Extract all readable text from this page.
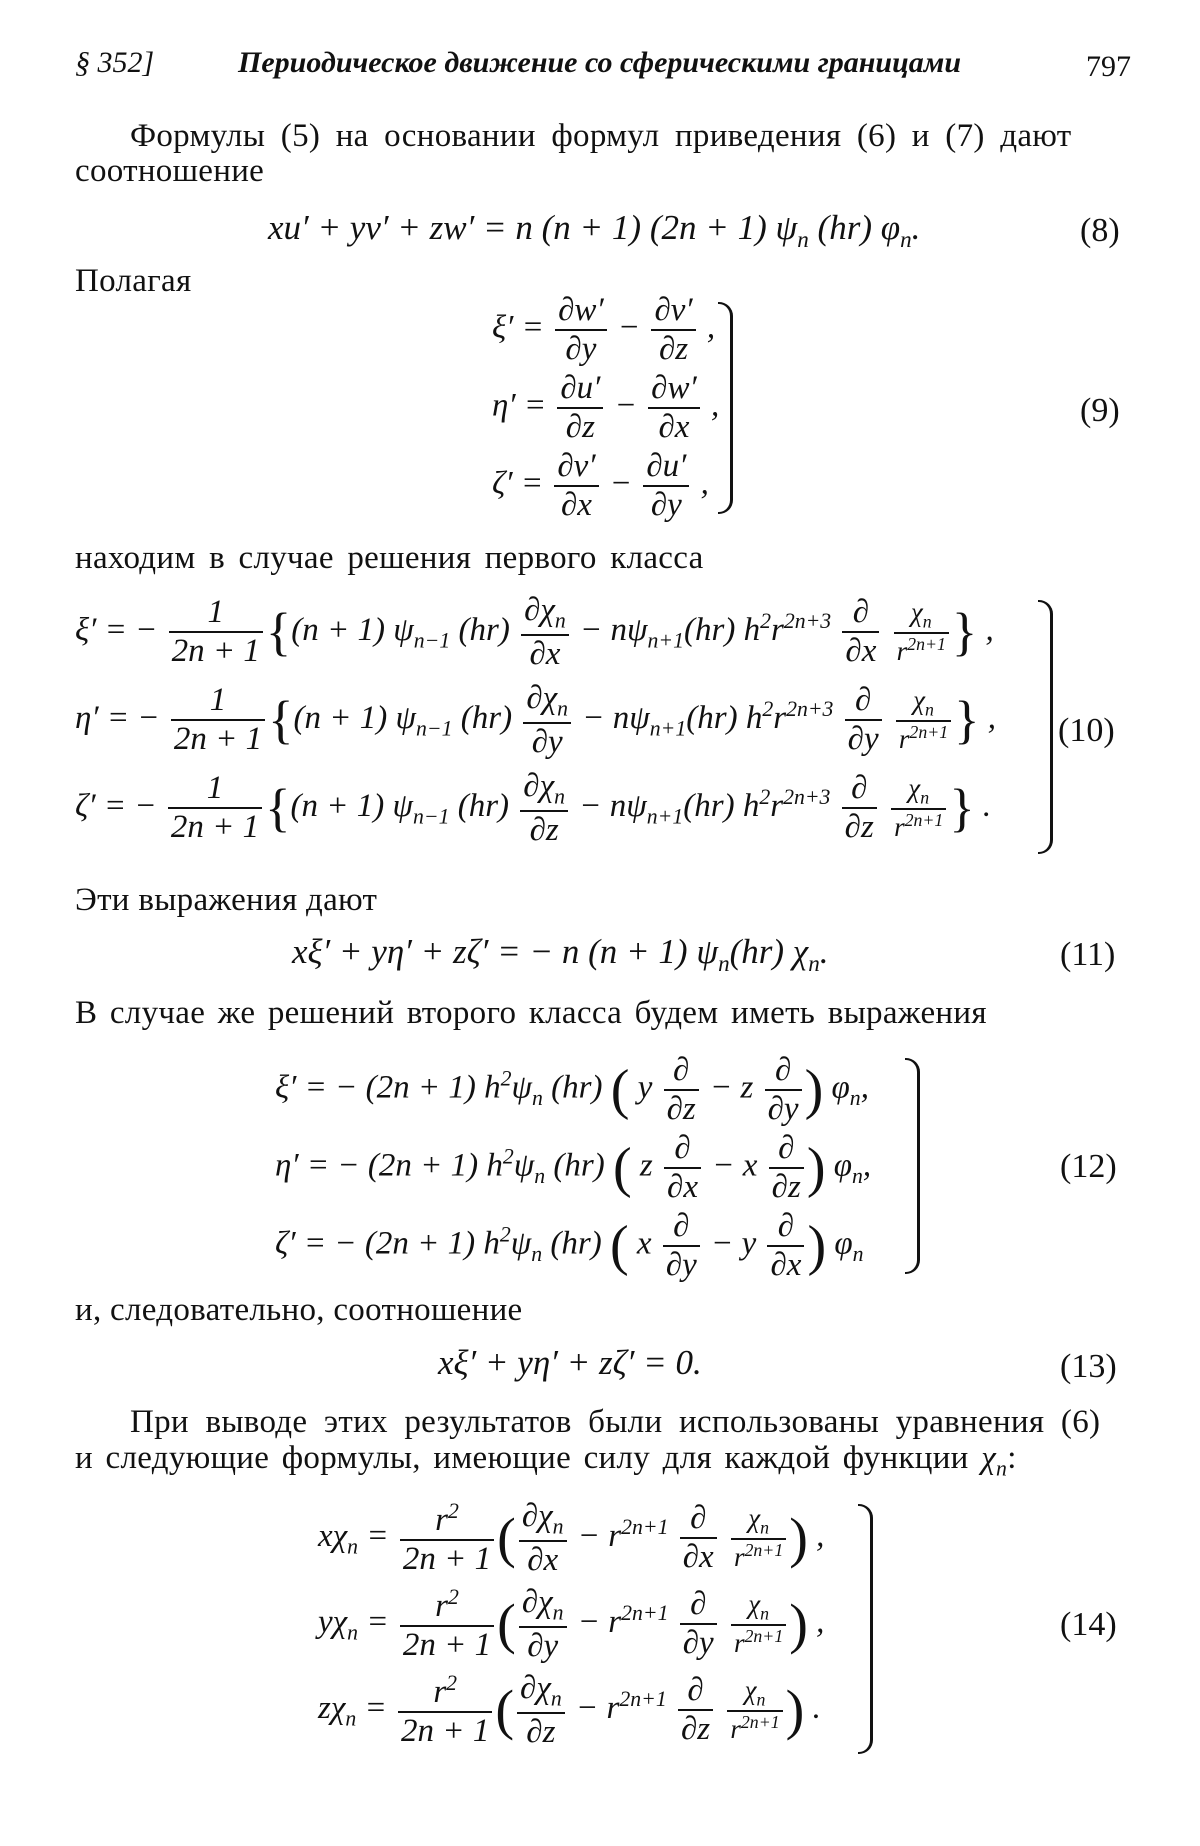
§ 352]	Периодическое движение со сферическими границами	797
Формулы (5) на основании формул приведения (6) и (7) дают
соотношение
xu′ + yv′ + zw′ = n (n + 1) (2n + 1) $\psi_n$ (hr) $\varphi_n$.	(8)
Полагая
$\xi' = \frac{\partial w'}{\partial y} - \frac{\partial v'}{\partial z}$ ,
$\eta' = \frac{\partial u'}{\partial z} - \frac{\partial w'}{\partial x}$ ,
$\zeta' = \frac{\partial v'}{\partial x} - \frac{\partial u'}{\partial y}$ ,
(9)
находим в случае решения первого класса
ξ′ = − $\frac{1}{2n + 1} \{(n + 1)$ $\psi_{n-1}$ $(hr) \frac{\partial\chi_n}{\partial x} - n\psi_{n+1}(hr)$ $h^2r^{2n+3} \frac{\partial}{\partial x}$
$\frac{\chi_n}{r^{2n+1}}$ } ,
η′ = − $\frac{1}{2n + 1} \{(n + 1)$ $\psi_{n-1}$ $(hr) \frac{\partial\chi_n}{\partial y} - n\psi_{n+1}(hr)$ $h^2r^{2n+3} \frac{\partial}{\partial y}$
$\frac{\chi_n}{r^{2n+1}}$ } ,
ζ′ = − $\frac{1}{2n + 1} \{(n + 1)$ $\psi_{n-1}$ $(hr) \frac{\partial\chi_n}{\partial z} - n\psi_{n+1}(hr)$ $h^2r^{2n+3} \frac{\partial}{\partial z}$
$\frac{\chi_n}{r^{2n+1}}$ } .
(10)
Эти выражения дают
xξ′ + yη′ + zζ′ = − n (n + 1) $\psi_n(hr)$ $\chi_n$.	(11)
В случае же решений второго класса будем иметь выражения
ξ′ = − (2n + 1) $h^2\psi_n$ (hr) ( y $\frac{\partial}{\partial z} - z \frac{\partial}{\partial y}$ ) $\varphi_n$,
η′ = − (2n + 1) $h^2\psi_n$ (hr) ( z $\frac{\partial}{\partial x} - x \frac{\partial}{\partial z}$ ) $\varphi_n$,
ζ′ = − (2n + 1) $h^2\psi_n$ (hr) ( x $\frac{\partial}{\partial y} - y \frac{\partial}{\partial x}$ ) $\varphi_n$
(12)
и, следовательно, соотношение
xξ′ + yη′ + zζ′ = 0.	(13)
При выводе этих результатов были использованы уравнения (6)
и следующие формулы, имеющие силу для каждой функции $\chi_n$:
$x\chi_n = \frac{r^2}{2n + 1}$ ( $\frac{\partial\chi_n}{\partial x} - r^{2n+1} \frac{\partial}{\partial x}$
$\frac{\chi_n}{r^{2n+1}}$ ) ,
$y\chi_n = \frac{r^2}{2n + 1}$ ( $\frac{\partial\chi_n}{\partial y} - r^{2n+1} \frac{\partial}{\partial y}$
$\frac{\chi_n}{r^{2n+1}}$ ) ,
$z\chi_n = \frac{r^2}{2n + 1}$ ( $\frac{\partial\chi_n}{\partial z} - r^{2n+1} \frac{\partial}{\partial z}$
$\frac{\chi_n}{r^{2n+1}}$ ) .
(14)
